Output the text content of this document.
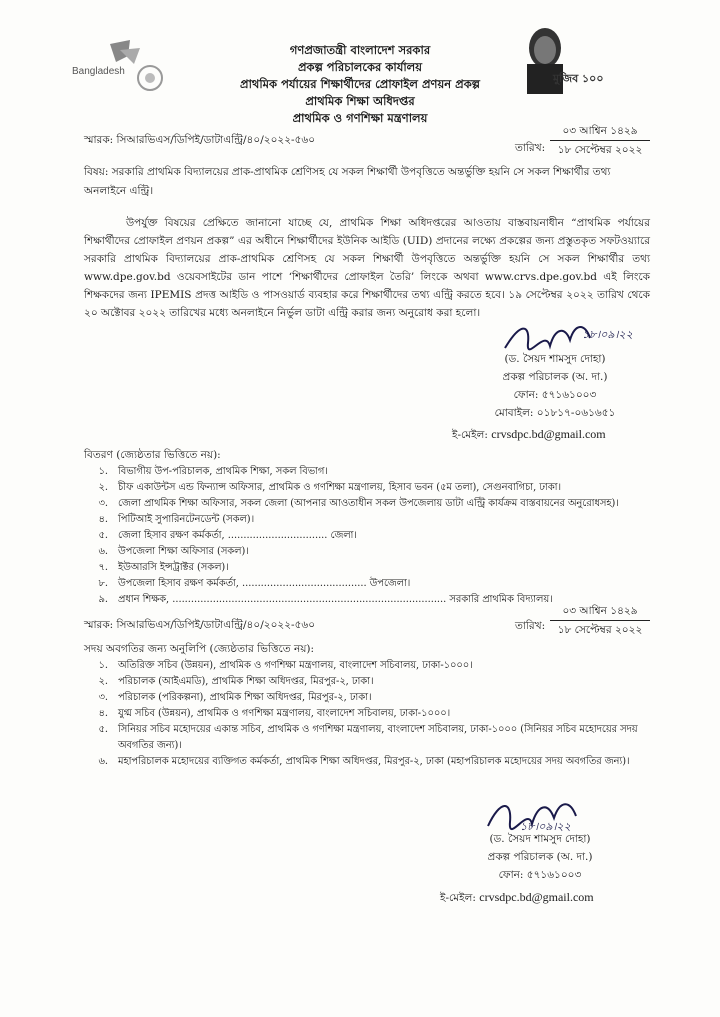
Bangladesh
মুজিব ১০০
গণপ্রজাতন্ত্রী বাংলাদেশ সরকার
প্রকল্প পরিচালকের কার্যালয়
প্রাথমিক পর্যায়ের শিক্ষার্থীদের প্রোফাইল প্রণয়ন প্রকল্প
প্রাথমিক শিক্ষা অধিদপ্তর
প্রাথমিক ও গণশিক্ষা মন্ত্রণালয়
স্মারক: সিআরভিএস/ডিপিই/ডাটাএন্ট্রি/৪০/২০২২-৫৬০
তারিখ:
০৩ আশ্বিন ১৪২৯
১৮ সেপ্টেম্বর ২০২২
বিষয়: সরকারি প্রাথমিক বিদ্যালয়ের প্রাক-প্রাথমিক শ্রেণিসহ যে সকল শিক্ষার্থী উপবৃত্তিতে অন্তর্ভুক্তি হয়নি সে সকল শিক্ষার্থীর তথ্য অনলাইনে এন্ট্রি।
উপর্যুক্ত বিষয়ের প্রেক্ষিতে জানানো যাচ্ছে যে, প্রাথমিক শিক্ষা অধিদপ্তরের আওতায় বাস্তবায়নাধীন “প্রাথমিক পর্যায়ের শিক্ষার্থীদের প্রোফাইল প্রণয়ন প্রকল্প” এর অধীনে শিক্ষার্থীদের ইউনিক আইডি (UID) প্রদানের লক্ষ্যে প্রকল্পের জন্য প্রস্তুতকৃত সফটওয়্যারে সরকারি প্রাথমিক বিদ্যালয়ের প্রাক-প্রাথমিক শ্রেণিসহ যে সকল শিক্ষার্থী উপবৃত্তিতে অন্তর্ভুক্তি হয়নি সে সকল শিক্ষার্থীর তথ্য www.dpe.gov.bd ওয়েবসাইটের ডান পাশে ‘শিক্ষার্থীদের প্রোফাইল তৈরি’ লিংকে অথবা www.crvs.dpe.gov.bd এই লিংকে শিক্ষকদের জন্য IPEMIS প্রদত্ত আইডি ও পাসওয়ার্ড ব্যবহার করে শিক্ষার্থীদের তথ্য এন্ট্রি করতে হবে। ১৯ সেপ্টেম্বর ২০২২ তারিখ থেকে ২০ অক্টোবর ২০২২ তারিখের মধ্যে অনলাইনে নির্ভুল ডাটা এন্ট্রি করার জন্য অনুরোধ করা হলো।
১৮।০৯।২২
(ড. সৈয়দ শামসুদ দোহা)
প্রকল্প পরিচালক (অ. দা.)
ফোন: ৫৭১৬১০০৩
মোবাইল: ০১৮১৭-০৬১৬৫১
ই-মেইল: crvsdpc.bd@gmail.com
বিতরণ (জ্যেষ্ঠতার ভিত্তিতে নয়):
১. বিভাগীয় উপ-পরিচালক, প্রাথমিক শিক্ষা, সকল বিভাগ।
২. চীফ একাউন্টস এন্ড ফিন্যান্স অফিসার, প্রাথমিক ও গণশিক্ষা মন্ত্রণালয়, হিসাব ভবন (৫ম তলা), সেগুনবাগিচা, ঢাকা।
৩. জেলা প্রাথমিক শিক্ষা অফিসার, সকল জেলা (আপনার আওতাধীন সকল উপজেলায় ডাটা এন্ট্রি কার্যক্রম বাস্তবায়নের অনুরোধসহ)।
৪. পিটিআই সুপারিনটেনডেন্ট (সকল)।
৫. জেলা হিসাব রক্ষণ কর্মকর্তা, ................................ জেলা।
৬. উপজেলা শিক্ষা অফিসার (সকল)।
৭. ইউআরসি ইন্সট্রাক্টর (সকল)।
৮. উপজেলা হিসাব রক্ষণ কর্মকর্তা, ........................................ উপজেলা।
৯. প্রধান শিক্ষক, ........................................................................................ সরকারি প্রাথমিক বিদ্যালয়।
স্মারক: সিআরভিএস/ডিপিই/ডাটাএন্ট্রি/৪০/২০২২-৫৬০	তারিখ:
০৩ আশ্বিন ১৪২৯
১৮ সেপ্টেম্বর ২০২২
সদয় অবগতির জন্য অনুলিপি (জ্যেষ্ঠতার ভিত্তিতে নয়):
১. অতিরিক্ত সচিব (উন্নয়ন), প্রাথমিক ও গণশিক্ষা মন্ত্রণালয়, বাংলাদেশ সচিবালয়, ঢাকা-১০০০।
২. পরিচালক (আইএমডি), প্রাথমিক শিক্ষা অধিদপ্তর, মিরপুর-২, ঢাকা।
৩. পরিচালক (পরিকল্পনা), প্রাথমিক শিক্ষা অধিদপ্তর, মিরপুর-২, ঢাকা।
৪. যুগ্ম সচিব (উন্নয়ন), প্রাথমিক ও গণশিক্ষা মন্ত্রণালয়, বাংলাদেশ সচিবালয়, ঢাকা-১০০০।
৫. সিনিয়র সচিব মহোদয়ের একান্ত সচিব, প্রাথমিক ও গণশিক্ষা মন্ত্রণালয়, বাংলাদেশ সচিবালয়, ঢাকা-১০০০ (সিনিয়র সচিব মহোদয়ের সদয় অবগতির জন্য)।
৬. মহাপরিচালক মহোদয়ের ব্যক্তিগত কর্মকর্তা, প্রাথমিক শিক্ষা অধিদপ্তর, মিরপুর-২, ঢাকা (মহাপরিচালক মহোদয়ের সদয় অবগতির জন্য)।
১৮।০৯।২২
(ড. সৈয়দ শামসুদ দোহা)
প্রকল্প পরিচালক (অ. দা.)
ফোন: ৫৭১৬১০০৩
ই-মেইল: crvsdpc.bd@gmail.com
